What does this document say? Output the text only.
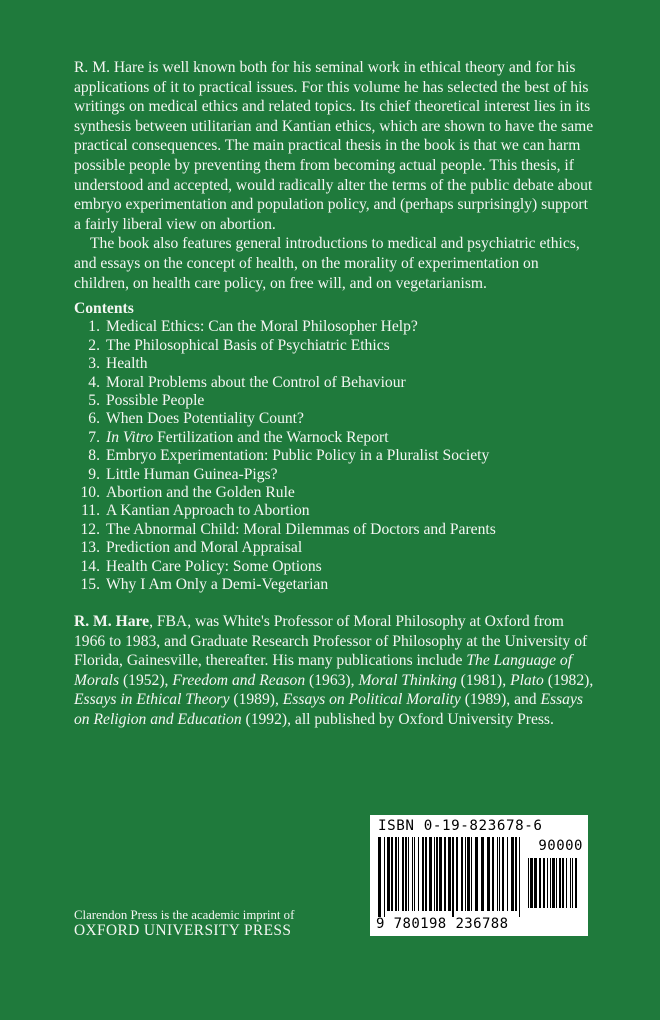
R. M. Hare is well known both for his seminal work in ethical theory and for his applications of it to practical issues. For this volume he has selected the best of his writings on medical ethics and related topics. Its chief theoretical interest lies in its synthesis between utilitarian and Kantian ethics, which are shown to have the same practical consequences. The main practical thesis in the book is that we can harm possible people by preventing them from becoming actual people. This thesis, if understood and accepted, would radically alter the terms of the public debate about embryo experimentation and population policy, and (perhaps surprisingly) support a fairly liberal view on abortion.

The book also features general introductions to medical and psychiatric ethics, and essays on the concept of health, on the morality of experimentation on children, on health care policy, on free will, and on vegetarianism.

Contents
1. Medical Ethics: Can the Moral Philosopher Help?
2. The Philosophical Basis of Psychiatric Ethics
3. Health
4. Moral Problems about the Control of Behaviour
5. Possible People
6. When Does Potentiality Count?
7. In Vitro Fertilization and the Warnock Report
8. Embryo Experimentation: Public Policy in a Pluralist Society
9. Little Human Guinea-Pigs?
10. Abortion and the Golden Rule
11. A Kantian Approach to Abortion
12. The Abnormal Child: Moral Dilemmas of Doctors and Parents
13. Prediction and Moral Appraisal
14. Health Care Policy: Some Options
15. Why I Am Only a Demi-Vegetarian

R. M. Hare, FBA, was White's Professor of Moral Philosophy at Oxford from 1966 to 1983, and Graduate Research Professor of Philosophy at the University of Florida, Gainesville, thereafter. His many publications include The Language of Morals (1952), Freedom and Reason (1963), Moral Thinking (1981), Plato (1982), Essays in Ethical Theory (1989), Essays on Political Morality (1989), and Essays on Religion and Education (1992), all published by Oxford University Press.

ISBN 0-19-823678-6
90000
9 780198 236788
Clarendon Press is the academic imprint of
OXFORD UNIVERSITY PRESS
